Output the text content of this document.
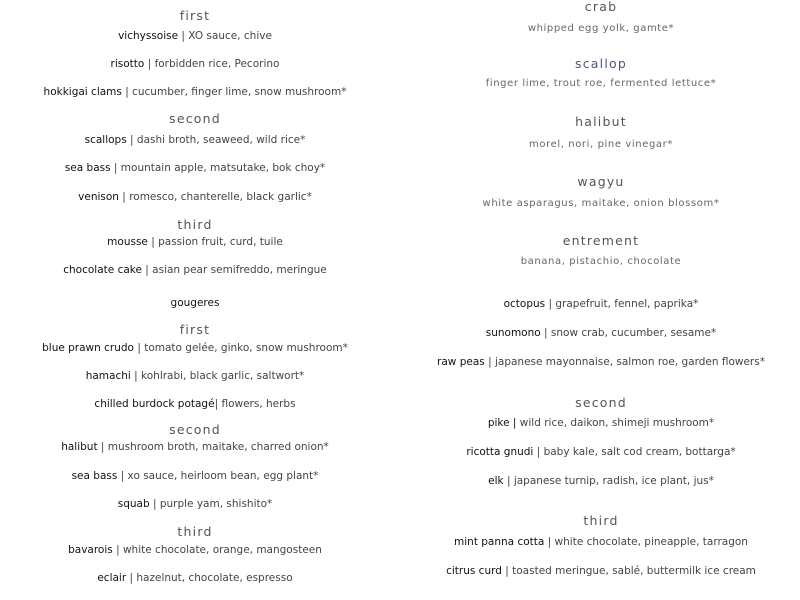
first
vichyssoise | XO sauce, chive
risotto | forbidden rice, Pecorino
hokkigai clams | cucumber, finger lime, snow mushroom*
second
scallops | dashi broth, seaweed, wild rice*
sea bass | mountain apple, matsutake, bok choy*
venison | romesco, chanterelle, black garlic*
third
mousse | passion fruit, curd, tuile
chocolate cake | asian pear semifreddo, meringue
crab
whipped egg yolk, gamte*
scallop
finger lime, trout roe, fermented lettuce*
halibut
morel, nori, pine vinegar*
wagyu
white asparagus, maitake, onion blossom*
entrement
banana, pistachio, chocolate
gougeres
first
blue prawn crudo | tomato gelée, ginko, snow mushroom*
hamachi | kohlrabi, black garlic, saltwort*
chilled burdock potagé| flowers, herbs
second
halibut | mushroom broth, maitake, charred onion*
sea bass | xo sauce, heirloom bean, egg plant*
squab | purple yam, shishito*
third
bavarois | white chocolate, orange, mangosteen
eclair | hazelnut, chocolate, espresso
octopus | grapefruit, fennel, paprika*
sunomono | snow crab, cucumber, sesame*
raw peas | japanese mayonnaise, salmon roe, garden flowers*
second
pike | wild rice, daikon, shimeji mushroom*
ricotta gnudi | baby kale, salt cod cream, bottarga*
elk | japanese turnip, radish, ice plant, jus*
third
mint panna cotta | white chocolate, pineapple, tarragon
citrus curd | toasted meringue, sablé, buttermilk ice cream
